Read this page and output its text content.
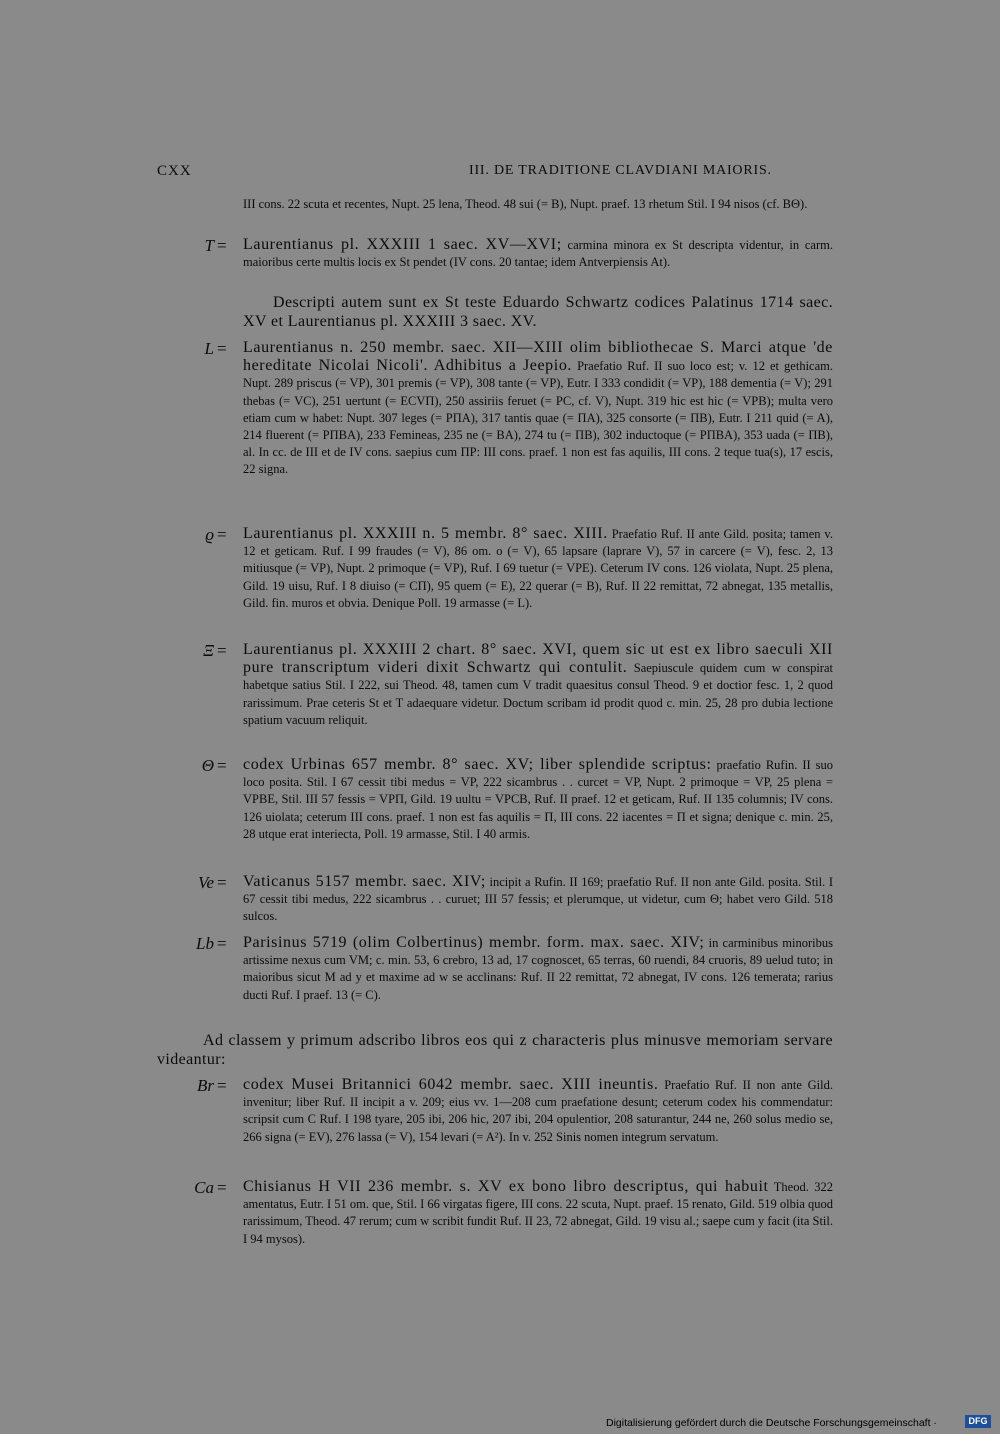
CXX	III. DE TRADITIONE CLAVDIANI MAIORIS.
III cons. 22 scuta et recentes, Nupt. 25 lena, Theod. 48 sui (= B), Nupt. praef. 13 rhetum Stil. I 94 nisos (cf. BΘ).
T = Laurentianus pl. XXXIII 1 saec. XV—XVI; carmina minora ex St descripta videntur, in carm. maioribus certe multis locis ex St pendet (IV cons. 20 tantae; idem Antverpiensis At).
Descripti autem sunt ex St teste Eduardo Schwartz codices Palatinus 1714 saec. XV et Laurentianus pl. XXXIII 3 saec. XV.
L = Laurentianus n. 250 membr. saec. XII—XIII olim bibliothecae S. Marci atque 'de hereditate Nicolai Nicoli'. Adhibitus a Jeepio. Praefatio Ruf. II suo loco est; v. 12 et gethicam. Nupt. 289 priscus (= VP), 301 premis (= VP), 308 tante (= VP), Eutr. I 333 condidit (= VP), 188 dementia (= V); 291 thebas (= VC), 251 uertunt (= ECVΠ), 250 assiriis feruet (= PC, cf. V), Nupt. 319 hic est hic (= VPB); multa vero etiam cum w habet: Nupt. 307 leges (= PΠA), 317 tantis quae (= ΠA), 325 consorte (= ΠB), Eutr. I 211 quid (= A), 214 fluerent (= PΠBA), 233 Femineas, 235 ne (= BA), 274 tu (= ΠB), 302 inductoque (= PΠBA), 353 uada (= ΠB), al. In cc. de III et de IV cons. saepius cum ΠP: III cons. praef. 1 non est fas aquilis, III cons. 2 teque tua(s), 17 escis, 22 signa.
ϱ = Laurentianus pl. XXXIII n. 5 membr. 8° saec. XIII. Praefatio Ruf. II ante Gild. posita; tamen v. 12 et geticam. Ruf. I 99 fraudes (= V), 86 om. o (= V), 65 lapsare (laprare V), 57 in carcere (= V), fesc. 2, 13 mitiusque (= VP), Nupt. 2 primoque (= VP), Ruf. I 69 tuetur (= VPE). Ceterum IV cons. 126 violata, Nupt. 25 plena, Gild. 19 uisu, Ruf. I 8 diuiso (= CΠ), 95 quem (= E), 22 querar (= B), Ruf. II 22 remittat, 72 abnegat, 135 metallis, Gild. fin. muros et obvia. Denique Poll. 19 armasse (= L).
Ξ = Laurentianus pl. XXXIII 2 chart. 8° saec. XVI, quem sic ut est ex libro saeculi XII pure transcriptum videri dixit Schwartz qui contulit. Saepiuscule quidem cum w conspirat habetque satius Stil. I 222, sui Theod. 48, tamen cum V tradit quaesitus consul Theod. 9 et doctior fesc. 1, 2 quod rarissimum. Prae ceteris St et T adaequare videtur. Doctum scribam id prodit quod c. min. 25, 28 pro dubia lectione spatium vacuum reliquit.
Θ = codex Urbinas 657 membr. 8° saec. XV; liber splendide scriptus: praefatio Rufin. II suo loco posita. Stil. I 67 cessit tibi medus = VP, 222 sicambrus . . curcet = VP, Nupt. 2 primoque = VP, 25 plena = VPBE, Stil. III 57 fessis = VPΠ, Gild. 19 uultu = VPCB, Ruf. II praef. 12 et geticam, Ruf. II 135 columnis; IV cons. 126 uiolata; ceterum III cons. praef. 1 non est fas aquilis = Π, III cons. 22 iacentes = Π et signa; denique c. min. 25, 28 utque erat interiecta, Poll. 19 armasse, Stil. I 40 armis.
Ve = Vaticanus 5157 membr. saec. XIV; incipit a Rufin. II 169; praefatio Ruf. II non ante Gild. posita. Stil. I 67 cessit tibi medus, 222 sicambrus . . curuet; III 57 fessis; et plerumque, ut videtur, cum Θ; habet vero Gild. 518 sulcos.
Lb = Parisinus 5719 (olim Colbertinus) membr. form. max. saec. XIV; in carminibus minoribus artissime nexus cum VM; c. min. 53, 6 crebro, 13 ad, 17 cognoscet, 65 terras, 60 ruendi, 84 cruoris, 89 uelud tuto; in maioribus sicut M ad y et maxime ad w se acclinans: Ruf. II 22 remittat, 72 abnegat, IV cons. 126 temerata; rarius ducti Ruf. I praef. 13 (= C).
Ad classem y primum adscribo libros eos qui z characteris plus minusve memoriam servare videantur:
Br = codex Musei Britannici 6042 membr. saec. XIII ineuntis. Praefatio Ruf. II non ante Gild. invenitur; liber Ruf. II incipit a v. 209; eius vv. 1—208 cum praefatione desunt; ceterum codex his commendatur: scripsit cum C Ruf. I 198 tyare, 205 ibi, 206 hic, 207 ibi, 204 opulentior, 208 saturantur, 244 ne, 260 solus medio se, 266 signa (= EV), 276 lassa (= V), 154 levari (= A²). In v. 252 Sinis nomen integrum servatum.
Ca = Chisianus H VII 236 membr. s. XV ex bono libro descriptus, qui habuit Theod. 322 amentatus, Eutr. I 51 om. que, Stil. I 66 virgatas figere, III cons. 22 scuta, Nupt. praef. 15 renato, Gild. 519 olbia quod rarissimum, Theod. 47 rerum; cum w scribit fundit Ruf. II 23, 72 abnegat, Gild. 19 visu al.; saepe cum y facit (ita Stil. I 94 mysos).
Digitalisierung gefördert durch die Deutsche Forschungsgemeinschaft ·	DFG
